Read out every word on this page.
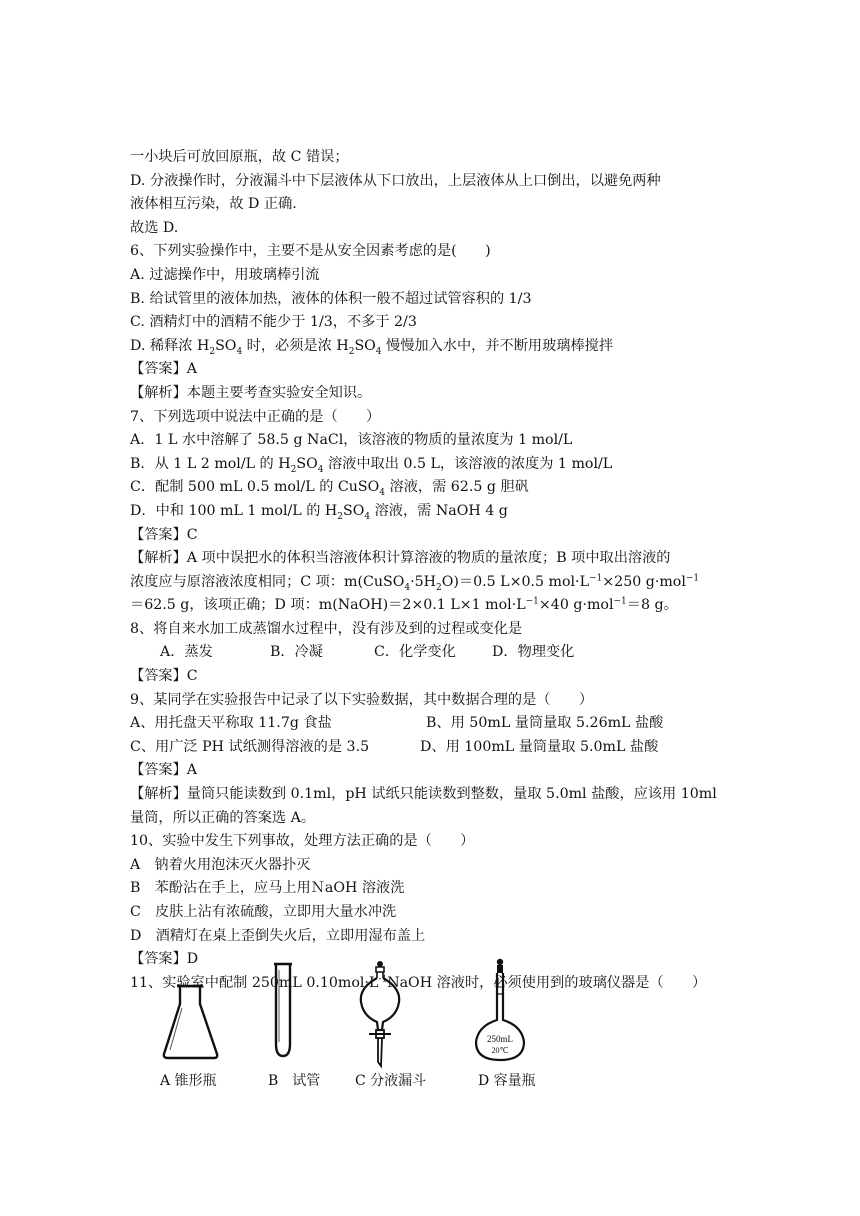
一小块后可放回原瓶，故 C 错误；
D. 分液操作时，分液漏斗中下层液体从下口放出，上层液体从上口倒出，以避免两种
液体相互污染，故 D 正确.
故选 D.
6、下列实验操作中，主要不是从安全因素考虑的是(　　)
A. 过滤操作中，用玻璃棒引流
B. 给试管里的液体加热，液体的体积一般不超过试管容积的 1/3
C. 酒精灯中的酒精不能少于 1/3，不多于 2/3
D. 稀释浓 $H_2SO_4$ 时，必须是浓 $H_2SO_4$ 慢慢加入水中，并不断用玻璃棒搅拌
【答案】A
【解析】本题主要考查实验安全知识。
7、下列选项中说法中正确的是（　　）
A．1 L 水中溶解了 58.5 g NaCl，该溶液的物质的量浓度为 1 mol/L
B．从 1 L 2 mol/L 的 $H_2SO_4$ 溶液中取出 0.5 L，该溶液的浓度为 1 mol/L
C．配制 500 mL 0.5 mol/L 的 CuSO$_4$ 溶液，需 62.5 g 胆矾
D．中和 100 mL 1 mol/L 的 $H_2SO_4$ 溶液，需 NaOH 4 g
【答案】C
【解析】A 项中误把水的体积当溶液体积计算溶液的物质的量浓度；B 项中取出溶液的
浓度应与原溶液浓度相同；C 项：$m(CuSO_4\cdot 5H_2O)=0.5$ L×0.5 $mol\cdot L^{-1}\times 250$ g·mol$^{-1}$
＝62.5 g，该项正确；D 项：m(NaOH)＝2×0.1 L×1 $mol\cdot L^{-1}\times 40$ g·mol$^{-1}$＝8 g。
8、将自来水加工成蒸馏水过程中，没有涉及到的过程或变化是
A．蒸发	B．冷凝	C．化学变化	D．物理变化
【答案】C
9、某同学在实验报告中记录了以下实验数据，其中数据合理的是（　　）
A、用托盘天平称取 11.7g 食盐	B、用 50mL 量筒量取 5.26mL 盐酸
C、用广泛 PH 试纸测得溶液的是 3.5	D、用 100mL 量筒量取 5.0mL 盐酸
【答案】A
【解析】量筒只能读数到 0.1ml，pH 试纸只能读数到整数，量取 5.0ml 盐酸，应该用 10ml
量筒，所以正确的答案选 A。
10、实验中发生下列事故，处理方法正确的是（　　）
A　钠着火用泡沫灭火器扑灭
B　苯酚沾在手上，应马上用ＮaOH 溶液洗
C　皮肤上沾有浓硫酸，立即用大量水冲洗
D　酒精灯在桌上歪倒失火后，立即用湿布盖上
【答案】D
11、实验室中配制 250mL $0.10mol\cdot L^{-1}NaOH$ 溶液时，必须使用到的玻璃仪器是（　　）
250mL
20℃
A 锥形瓶	B　试管 C 分液漏斗	D 容量瓶
